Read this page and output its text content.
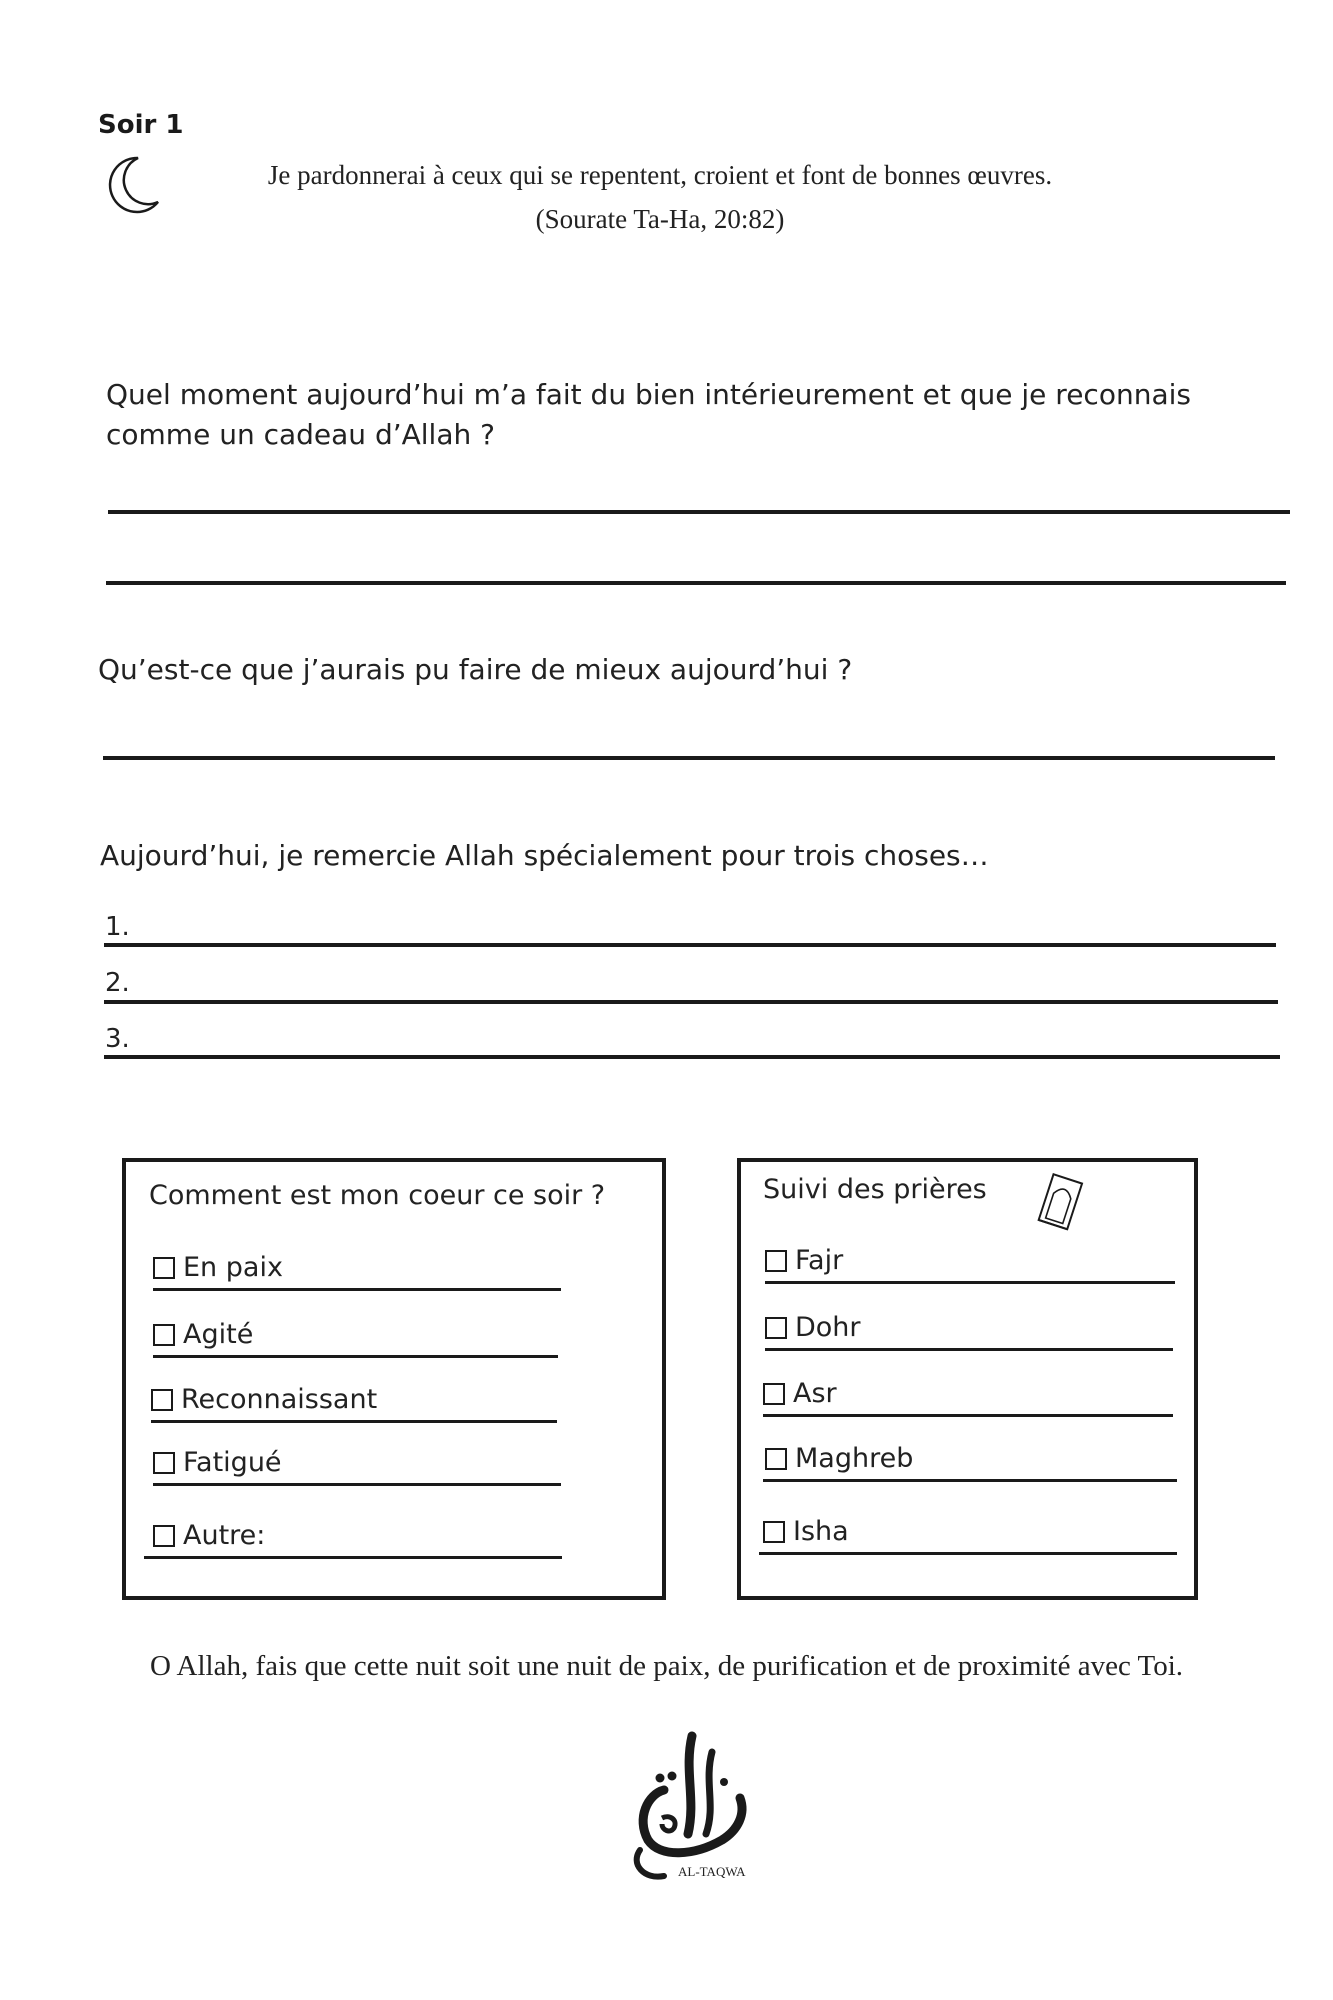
Soir 1
Je pardonnerai à ceux qui se repentent, croient et font de bonnes œuvres.
(Sourate Ta-Ha, 20:82)
Quel moment aujourd’hui m’a fait du bien intérieurement et que je reconnais
comme un cadeau d’Allah ?
Qu’est-ce que j’aurais pu faire de mieux aujourd’hui ?
Aujourd’hui, je remercie Allah spécialement pour trois choses…
1.
2.
3.
Comment est mon coeur ce soir ?
En paix
Agité
Reconnaissant
Fatigué
Autre:
Suivi des prières
Fajr
Dohr
Asr
Maghreb
Isha
O Allah, fais que cette nuit soit une nuit de paix, de purification et de proximité avec Toi.
AL-TAQWA
